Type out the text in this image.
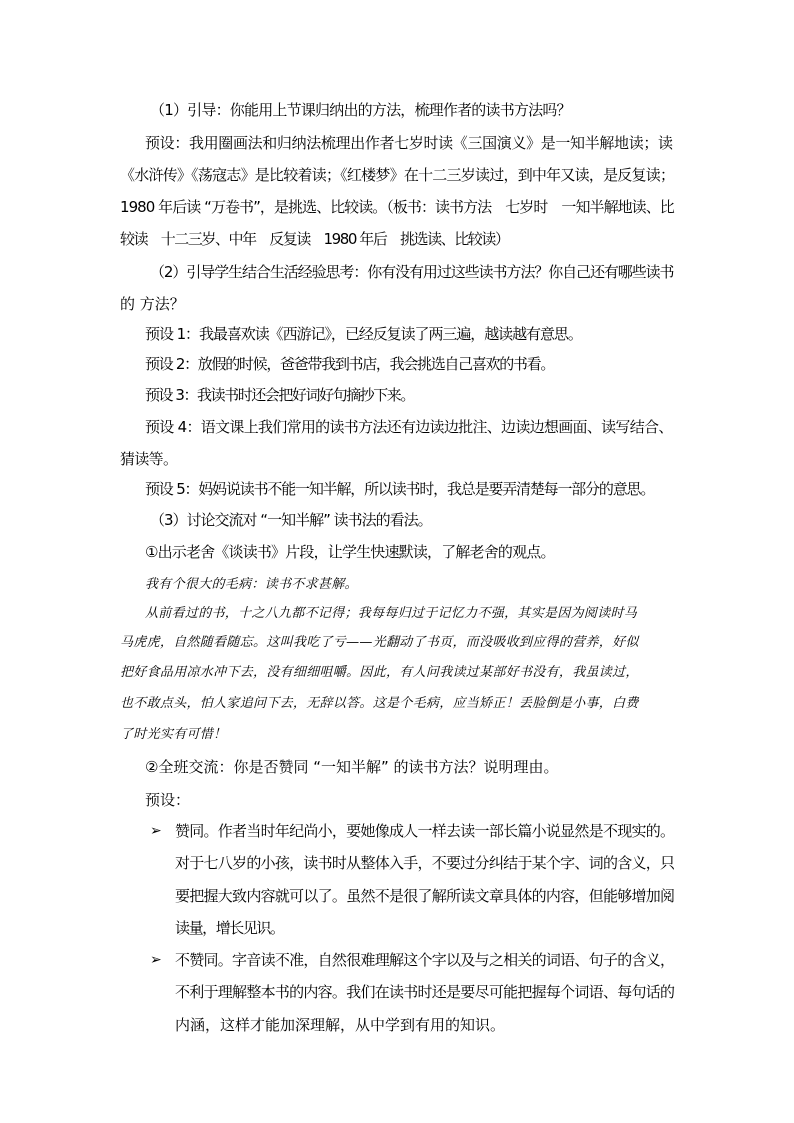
（1）引导：你能用上节课归纳出的方法，梳理作者的读书方法吗？
预设：我用圈画法和归纳法梳理出作者七岁时读《三国演义》是一知半解地读；读
《水浒传》《荡寇志》是比较着读；《红楼梦》在十二三岁读过，到中年又读，是反复读；
1980 年后读 “万卷书”，是挑选、比较读。（板书：读书方法　七岁时　一知半解地读、比
较读　十二三岁、中年　反复读　1980 年后　挑选读、比较读）
（2）引导学生结合生活经验思考：你有没有用过这些读书方法？你自己还有哪些读书
的 方法？
预设 1：我最喜欢读《西游记》，已经反复读了两三遍，越读越有意思。
预设 2：放假的时候，爸爸带我到书店，我会挑选自己喜欢的书看。
预设 3：我读书时还会把好词好句摘抄下来。
预设 4：语文课上我们常用的读书方法还有边读边批注、边读边想画面、读写结合、
猜读等。
预设 5：妈妈说读书不能一知半解，所以读书时，我总是要弄清楚每一部分的意思。
（3）讨论交流对 “一知半解” 读书法的看法。
①出示老舍《谈读书》片段，让学生快速默读，了解老舍的观点。
我有个很大的毛病：读书不求甚解。
从前看过的书，十之八九都不记得；我每每归过于记忆力不强，其实是因为阅读时马
马虎虎，自然随看随忘。这叫我吃了亏——光翻动了书页，而没吸收到应得的营养，好似
把好食品用凉水冲下去，没有细细咀嚼。因此，有人问我读过某部好书没有，我虽读过，
也不敢点头，怕人家追问下去，无辞以答。这是个毛病，应当矫正！丢脸倒是小事，白费
了时光实有可惜！
②全班交流：你是否赞同 “一知半解” 的读书方法？说明理由。
预设：
➢ 赞同。作者当时年纪尚小，要她像成人一样去读一部长篇小说显然是不现实的。
对于七八岁的小孩，读书时从整体入手，不要过分纠结于某个字、词的含义，只
要把握大致内容就可以了。虽然不是很了解所读文章具体的内容，但能够增加阅
读量，增长见识。
➢ 不赞同。字音读不准，自然很难理解这个字以及与之相关的词语、句子的含义，
不利于理解整本书的内容。我们在读书时还是要尽可能把握每个词语、每句话的
内涵，这样才能加深理解，从中学到有用的知识。
